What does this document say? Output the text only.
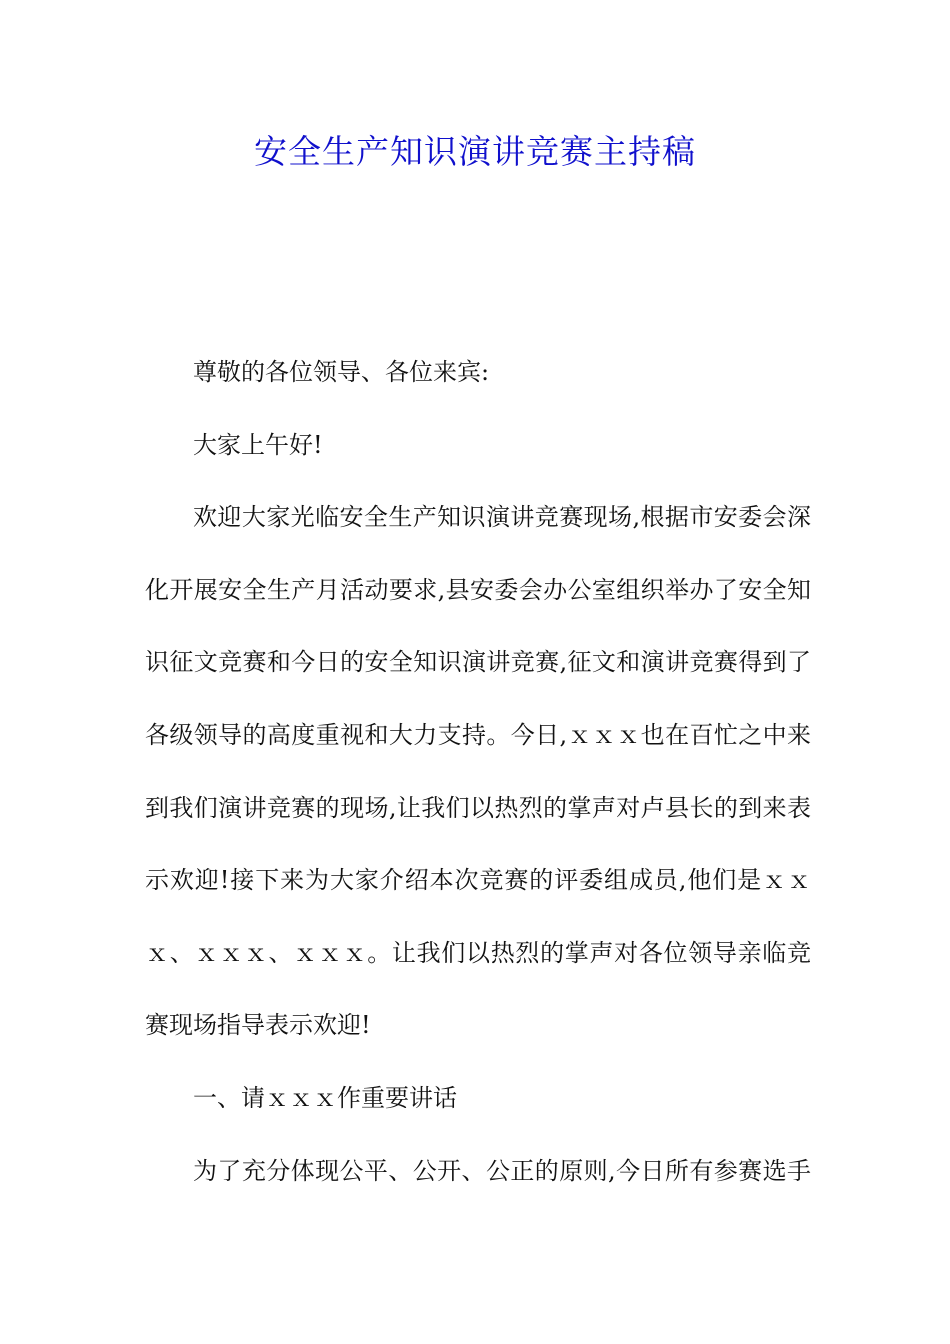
安全生产知识演讲竞赛主持稿

尊敬的各位领导、各位来宾:

大家上午好!

欢迎大家光临安全生产知识演讲竞赛现场,根据市安委会深化开展安全生产月活动要求,县安委会办公室组织举办了安全知识征文竞赛和今日的安全知识演讲竞赛,征文和演讲竞赛得到了各级领导的高度重视和大力支持。今日,ｘｘｘ也在百忙之中来到我们演讲竞赛的现场,让我们以热烈的掌声对卢县长的到来表示欢迎!接下来为大家介绍本次竞赛的评委组成员,他们是ｘｘｘ、ｘｘｘ、ｘｘｘ。让我们以热烈的掌声对各位领导亲临竞赛现场指导表示欢迎!

一、请ｘｘｘ作重要讲话

为了充分体现公平、公开、公正的原则,今日所有参赛选手
